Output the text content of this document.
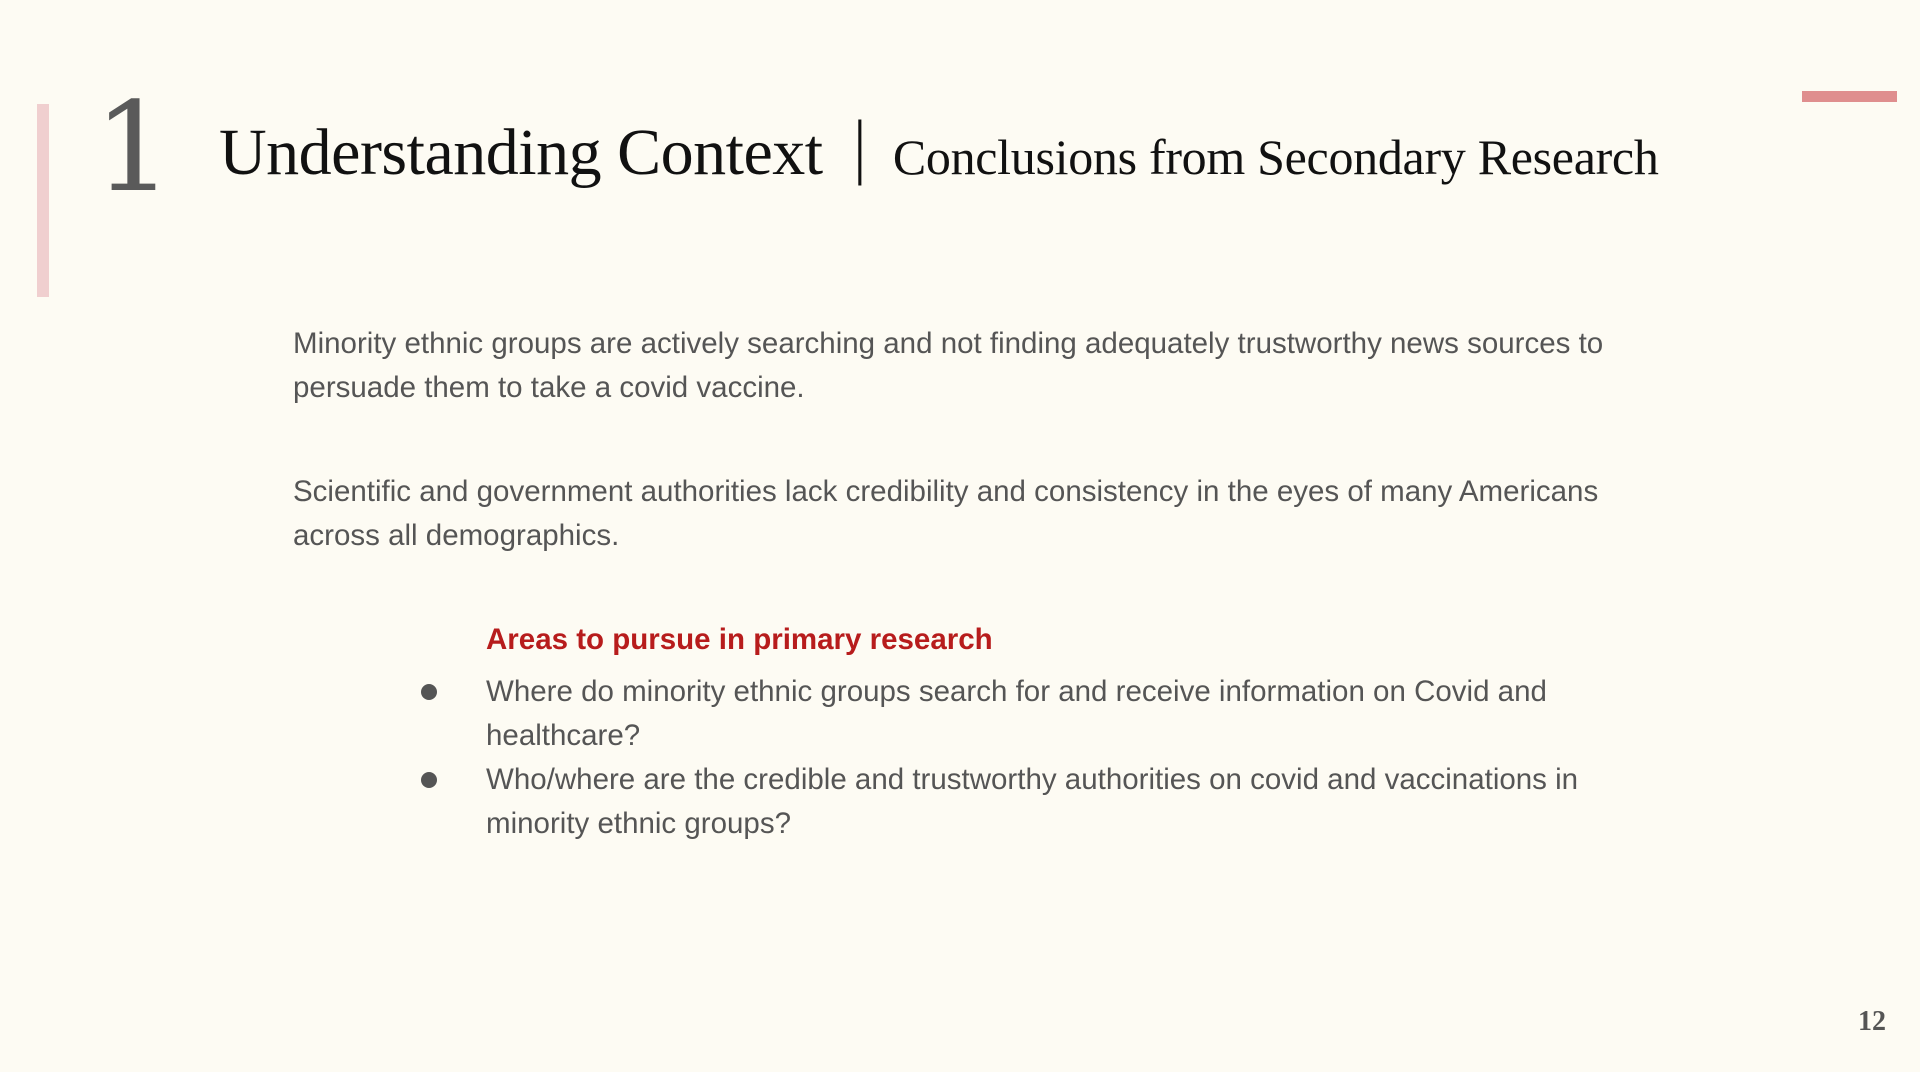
1 Understanding Context | Conclusions from Secondary Research

Minority ethnic groups are actively searching and not finding adequately trustworthy news sources to persuade them to take a covid vaccine.

Scientific and government authorities lack credibility and consistency in the eyes of many Americans across all demographics.

Areas to pursue in primary research

Where do minority ethnic groups search for and receive information on Covid and healthcare?
Who/where are the credible and trustworthy authorities on covid and vaccinations in minority ethnic groups?
12
